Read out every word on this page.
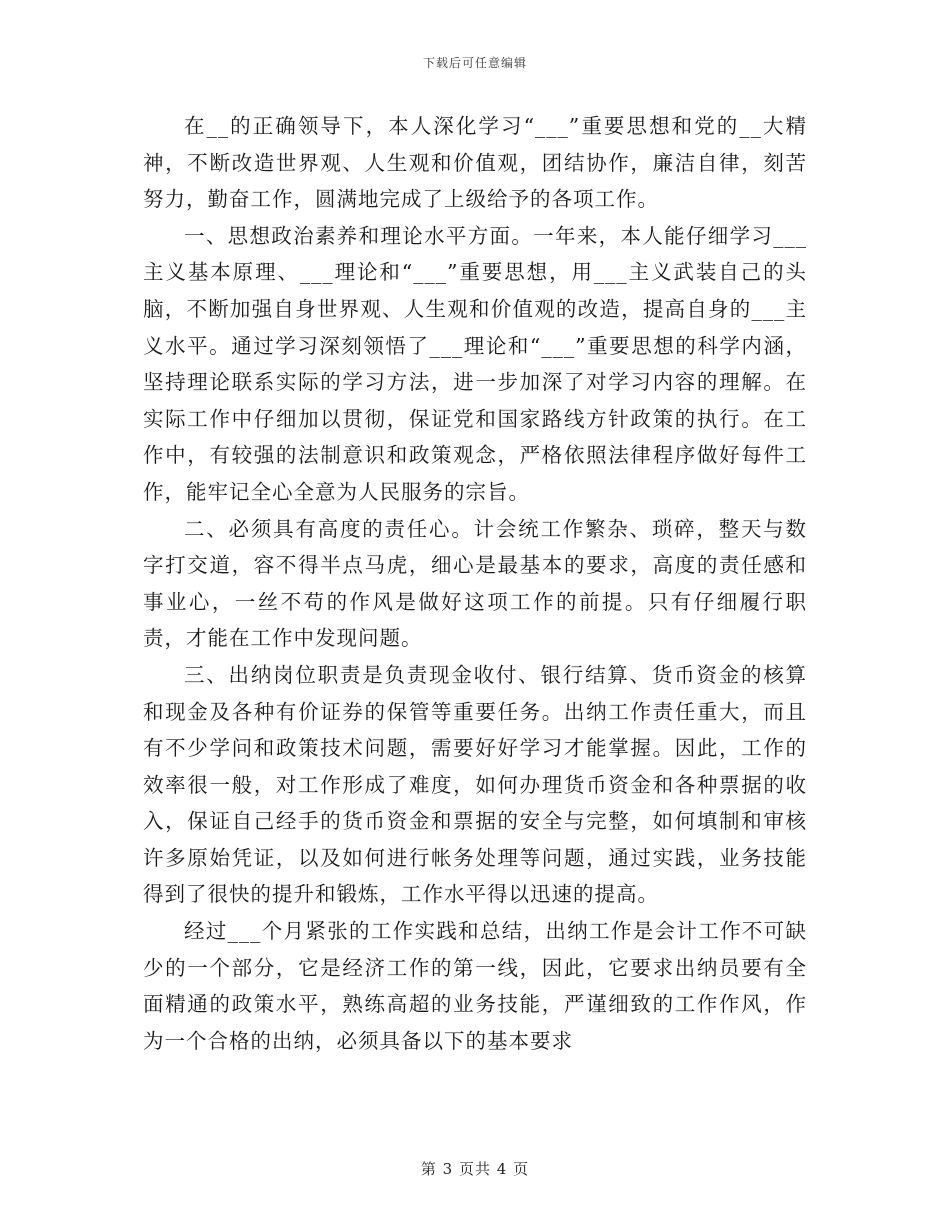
下载后可任意编辑

在__的正确领导下，本人深化学习“___”重要思想和党的__大精神，不断改造世界观、人生观和价值观，团结协作，廉洁自律，刻苦努力，勤奋工作，圆满地完成了上级给予的各项工作。

一、思想政治素养和理论水平方面。一年来，本人能仔细学习___主义基本原理、___理论和“___”重要思想，用___主义武装自己的头脑，不断加强自身世界观、人生观和价值观的改造，提高自身的___主义水平。通过学习深刻领悟了___理论和“___”重要思想的科学内涵，坚持理论联系实际的学习方法，进一步加深了对学习内容的理解。在实际工作中仔细加以贯彻，保证党和国家路线方针政策的执行。在工作中，有较强的法制意识和政策观念，严格依照法律程序做好每件工作，能牢记全心全意为人民服务的宗旨。

二、必须具有高度的责任心。计会统工作繁杂、琐碎，整天与数字打交道，容不得半点马虎，细心是最基本的要求，高度的责任感和事业心，一丝不苟的作风是做好这项工作的前提。只有仔细履行职责，才能在工作中发现问题。

三、出纳岗位职责是负责现金收付、银行结算、货币资金的核算和现金及各种有价证券的保管等重要任务。出纳工作责任重大，而且有不少学问和政策技术问题，需要好好学习才能掌握。因此，工作的效率很一般，对工作形成了难度，如何办理货币资金和各种票据的收入，保证自己经手的货币资金和票据的安全与完整，如何填制和审核许多原始凭证，以及如何进行帐务处理等问题，通过实践，业务技能得到了很快的提升和锻炼，工作水平得以迅速的提高。

经过___个月紧张的工作实践和总结，出纳工作是会计工作不可缺少的一个部分，它是经济工作的第一线，因此，它要求出纳员要有全面精通的政策水平，熟练高超的业务技能，严谨细致的工作作风，作为一个合格的出纳，必须具备以下的基本要求

第 3 页共 4 页
